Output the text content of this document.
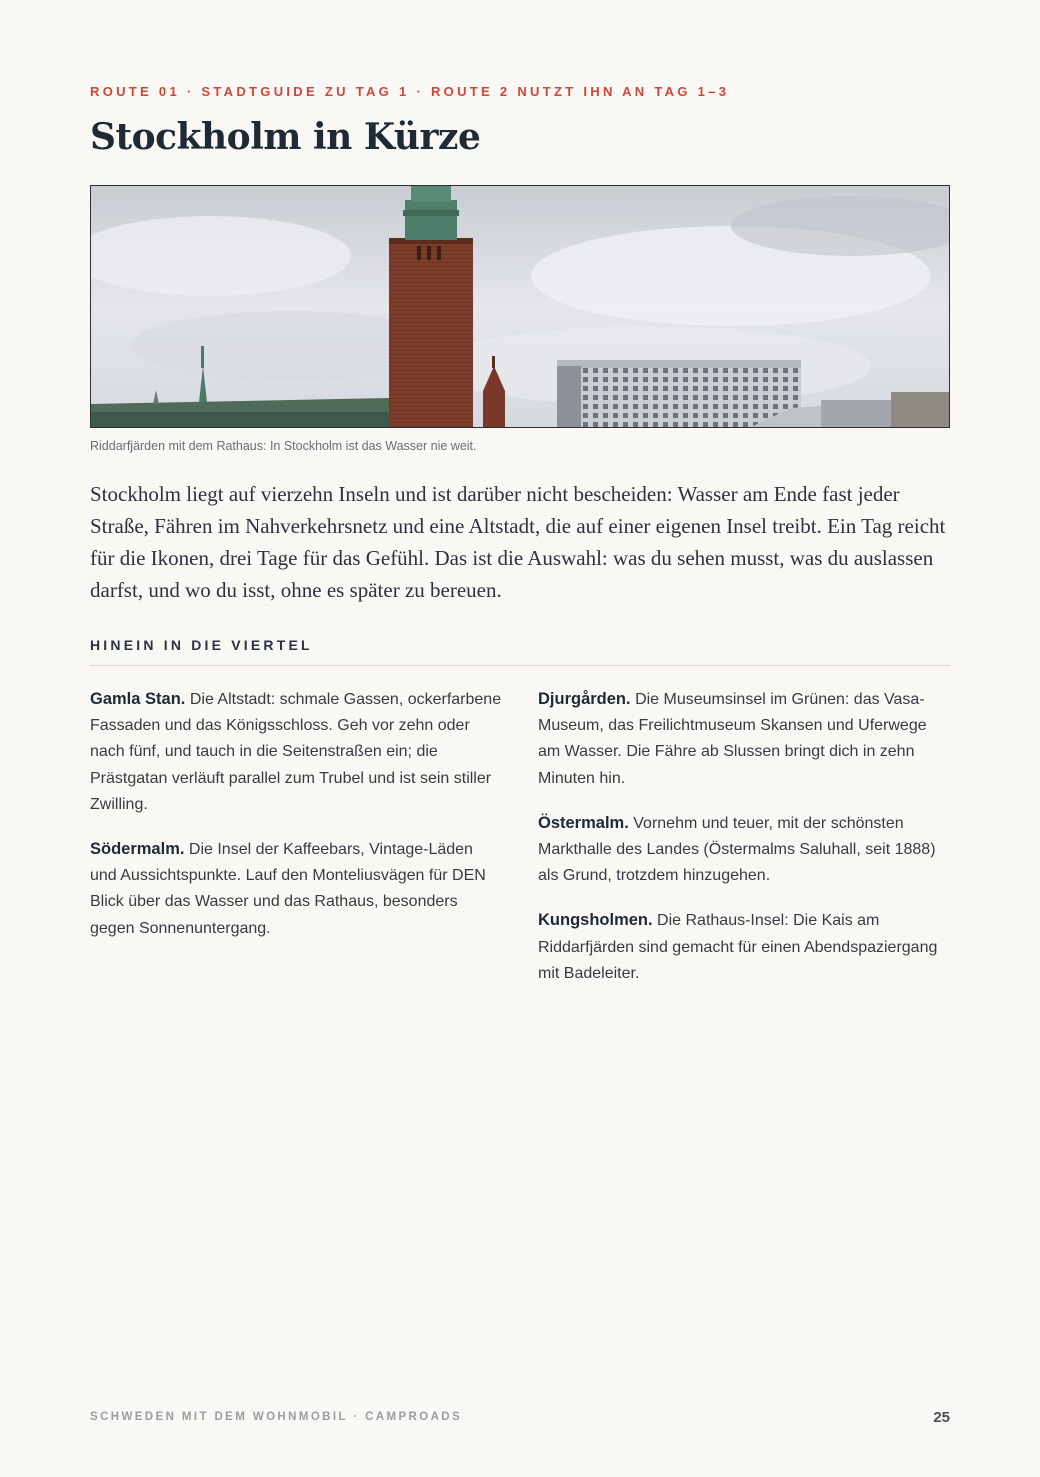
ROUTE 01 · STADTGUIDE ZU TAG 1 · ROUTE 2 NUTZT IHN AN TAG 1–3
Stockholm in Kürze
Riddarfjärden mit dem Rathaus: In Stockholm ist das Wasser nie weit.

Stockholm liegt auf vierzehn Inseln und ist darüber nicht bescheiden: Wasser am Ende fast jeder Straße, Fähren im Nahverkehrsnetz und eine Altstadt, die auf einer eigenen Insel treibt. Ein Tag reicht für die Ikonen, drei Tage für das Gefühl. Das ist die Auswahl: was du sehen musst, was du auslassen darfst, und wo du isst, ohne es später zu bereuen.

HINEIN IN DIE VIERTEL

Gamla Stan. Die Altstadt: schmale Gassen, ockerfarbene Fassaden und das Königsschloss. Geh vor zehn oder nach fünf, und tauch in die Seitenstraßen ein; die Prästgatan verläuft parallel zum Trubel und ist sein stiller Zwilling.

Södermalm. Die Insel der Kaffeebars, Vintage-Läden und Aussichtspunkte. Lauf den Monteliusvägen für DEN Blick über das Wasser und das Rathaus, besonders gegen Sonnenuntergang.

Djurgården. Die Museumsinsel im Grünen: das Vasa-Museum, das Freilichtmuseum Skansen und Uferwege am Wasser. Die Fähre ab Slussen bringt dich in zehn Minuten hin.

Östermalm. Vornehm und teuer, mit der schönsten Markthalle des Landes (Östermalms Saluhall, seit 1888) als Grund, trotzdem hinzugehen.

Kungsholmen. Die Rathaus-Insel: Die Kais am Riddarfjärden sind gemacht für einen Abendspaziergang mit Badeleiter.

SCHWEDEN MIT DEM WOHNMOBIL · CAMPROADS	25
